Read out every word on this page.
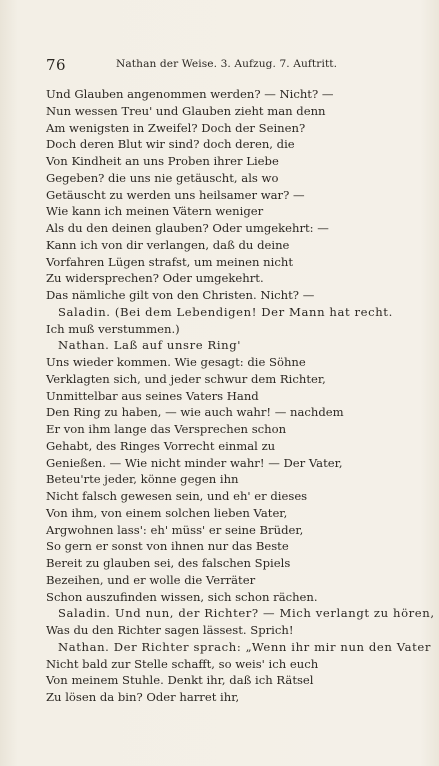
76	Nathan der Weise. 3. Aufzug. 7. Auftritt.
Und Glauben angenommen werden? — Nicht? —
Nun wessen Treu' und Glauben zieht man denn
Am wenigsten in Zweifel? Doch der Seinen?
Doch deren Blut wir sind? doch deren, die
Von Kindheit an uns Proben ihrer Liebe
Gegeben? die uns nie getäuscht, als wo
Getäuscht zu werden uns heilsamer war? —
Wie kann ich meinen Vätern weniger
Als du den deinen glauben? Oder umgekehrt: —
Kann ich von dir verlangen, daß du deine
Vorfahren Lügen strafst, um meinen nicht
Zu widersprechen? Oder umgekehrt.
Das nämliche gilt von den Christen. Nicht? —
Saladin. (Bei dem Lebendigen! Der Mann hat recht.
Ich muß verstummen.)
Nathan. Laß auf unsre Ring'
Uns wieder kommen. Wie gesagt: die Söhne
Verklagten sich, und jeder schwur dem Richter,
Unmittelbar aus seines Vaters Hand
Den Ring zu haben, — wie auch wahr! — nachdem
Er von ihm lange das Versprechen schon
Gehabt, des Ringes Vorrecht einmal zu
Genießen. — Wie nicht minder wahr! — Der Vater,
Beteu'rte jeder, könne gegen ihn
Nicht falsch gewesen sein, und eh' er dieses
Von ihm, von einem solchen lieben Vater,
Argwohnen lass': eh' müss' er seine Brüder,
So gern er sonst von ihnen nur das Beste
Bereit zu glauben sei, des falschen Spiels
Bezeihen, und er wolle die Verräter
Schon auszufinden wissen, sich schon rächen.
Saladin. Und nun, der Richter? — Mich verlangt zu hören,
Was du den Richter sagen lässest. Sprich!
Nathan. Der Richter sprach: „Wenn ihr mir nun den Vater
Nicht bald zur Stelle schafft, so weis' ich euch
Von meinem Stuhle. Denkt ihr, daß ich Rätsel
Zu lösen da bin? Oder harret ihr,
